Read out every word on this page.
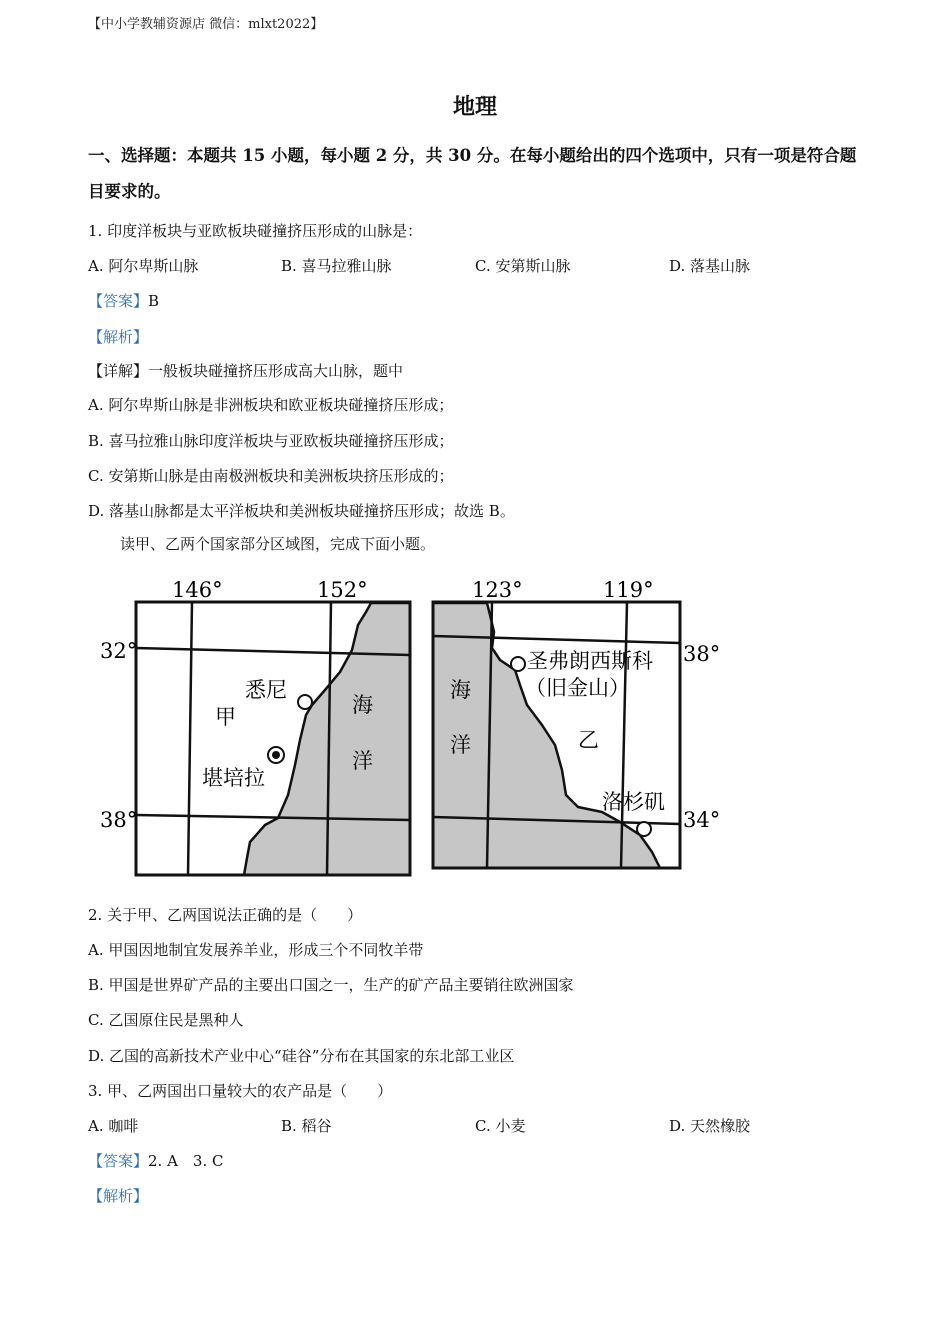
【中小学教辅资源店 微信：mlxt2022】
地理
一、选择题：本题共 15 小题，每小题 2 分，共 30 分。在每小题给出的四个选项中，只有一项是符合题目要求的。
1. 印度洋板块与亚欧板块碰撞挤压形成的山脉是：
A. 阿尔卑斯山脉	B. 喜马拉雅山脉	C. 安第斯山脉	D. 落基山脉
【答案】B
【解析】
【详解】一般板块碰撞挤压形成高大山脉，题中
A. 阿尔卑斯山脉是非洲板块和欧亚板块碰撞挤压形成；
B. 喜马拉雅山脉印度洋板块与亚欧板块碰撞挤压形成；
C. 安第斯山脉是由南极洲板块和美洲板块挤压形成的；
D. 落基山脉都是太平洋板块和美洲板块碰撞挤压形成；故选 B。
读甲、乙两个国家部分区域图，完成下面小题。
146°	152°
32°
38°
悉尼
堪培拉
甲	海
洋
123°	119°
38°
34°
圣弗朗西斯科
（旧金山）
洛杉矶
乙
海
洋
2. 关于甲、乙两国说法正确的是（　　）
A. 甲国因地制宜发展养羊业，形成三个不同牧羊带
B. 甲国是世界矿产品的主要出口国之一，生产的矿产品主要销往欧洲国家
C. 乙国原住民是黑种人
D. 乙国的高新技术产业中心“硅谷”分布在其国家的东北部工业区
3. 甲、乙两国出口量较大的农产品是（　　）
A. 咖啡	B. 稻谷	C. 小麦	D. 天然橡胶
【答案】2. A　3. C
【解析】
